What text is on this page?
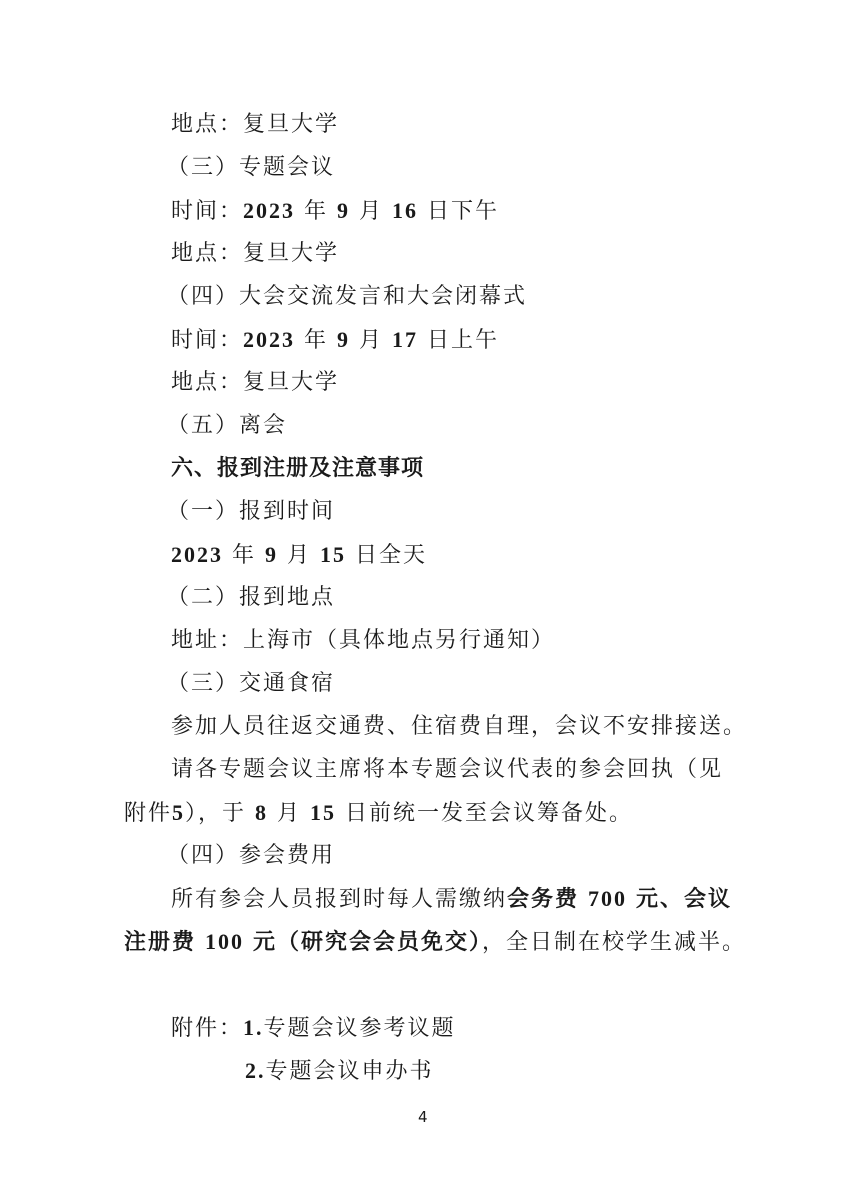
地点：复旦大学
（三）专题会议
时间：2023 年 9 月 16 日下午
地点：复旦大学
（四）大会交流发言和大会闭幕式
时间：2023 年 9 月 17 日上午
地点：复旦大学
（五）离会
六、报到注册及注意事项
（一）报到时间
2023 年 9 月 15 日全天
（二）报到地点
地址：上海市（具体地点另行通知）
（三）交通食宿
参加人员往返交通费、住宿费自理，会议不安排接送。
请各专题会议主席将本专题会议代表的参会回执（见
附件5），于 8 月 15 日前统一发至会议筹备处。
（四）参会费用
所有参会人员报到时每人需缴纳会务费 700 元、会议
注册费 100 元（研究会会员免交），全日制在校学生减半。
附件：1.专题会议参考议题
2.专题会议申办书
4
